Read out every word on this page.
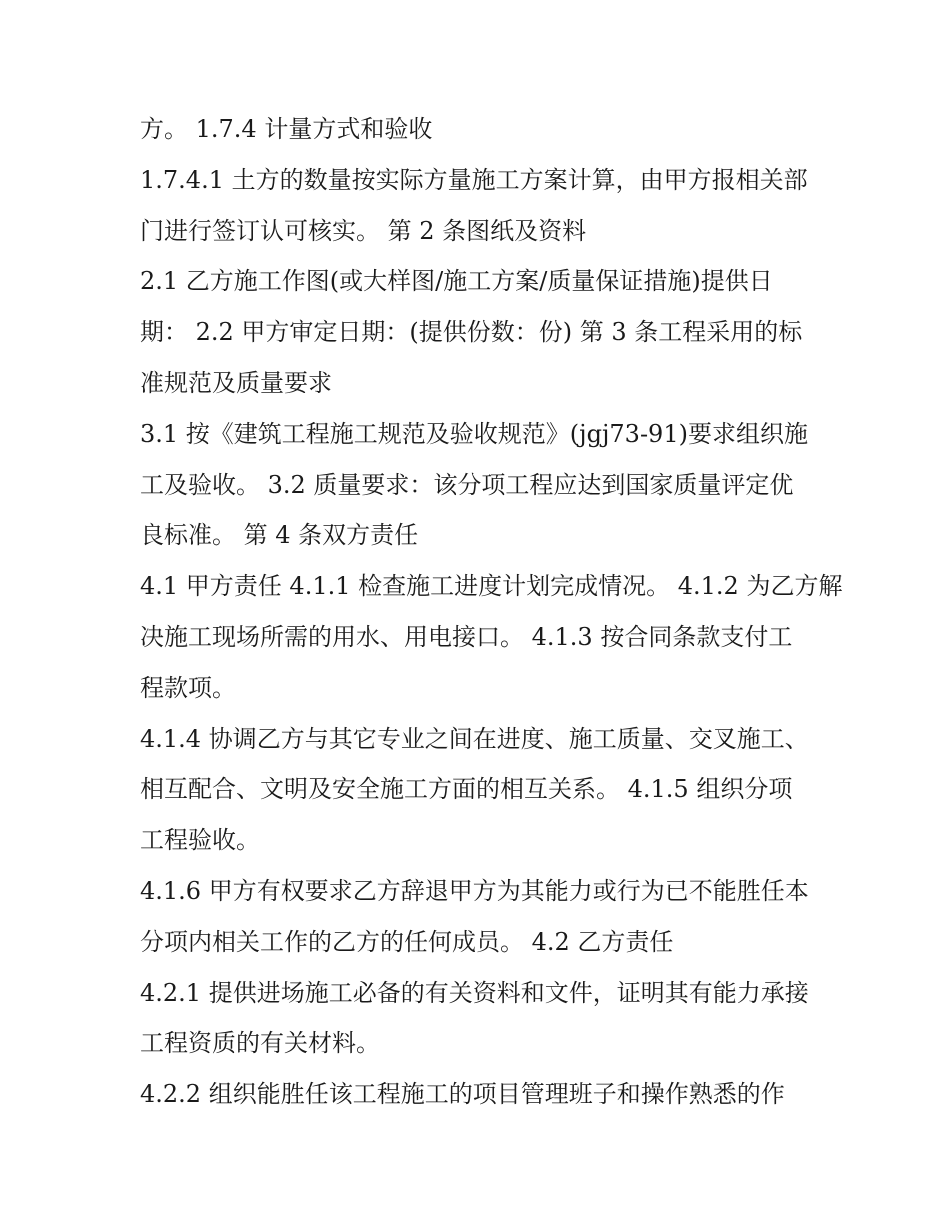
方。 1.7.4 计量方式和验收
1.7.4.1 土方的数量按实际方量施工方案计算，由甲方报相关部
门进行签订认可核实。 第 2 条图纸及资料
2.1 乙方施工作图(或大样图/施工方案/质量保证措施)提供日
期： 2.2 甲方审定日期：(提供份数：份) 第 3 条工程采用的标
准规范及质量要求
3.1 按《建筑工程施工规范及验收规范》(jgj73-91)要求组织施
工及验收。 3.2 质量要求：该分项工程应达到国家质量评定优
良标准。 第 4 条双方责任
4.1 甲方责任 4.1.1 检查施工进度计划完成情况。 4.1.2 为乙方解
决施工现场所需的用水、用电接口。 4.1.3 按合同条款支付工
程款项。
4.1.4 协调乙方与其它专业之间在进度、施工质量、交叉施工、
相互配合、文明及安全施工方面的相互关系。 4.1.5 组织分项
工程验收。
4.1.6 甲方有权要求乙方辞退甲方为其能力或行为已不能胜任本
分项内相关工作的乙方的任何成员。 4.2 乙方责任
4.2.1 提供进场施工必备的有关资料和文件，证明其有能力承接
工程资质的有关材料。
4.2.2 组织能胜任该工程施工的项目管理班子和操作熟悉的作
